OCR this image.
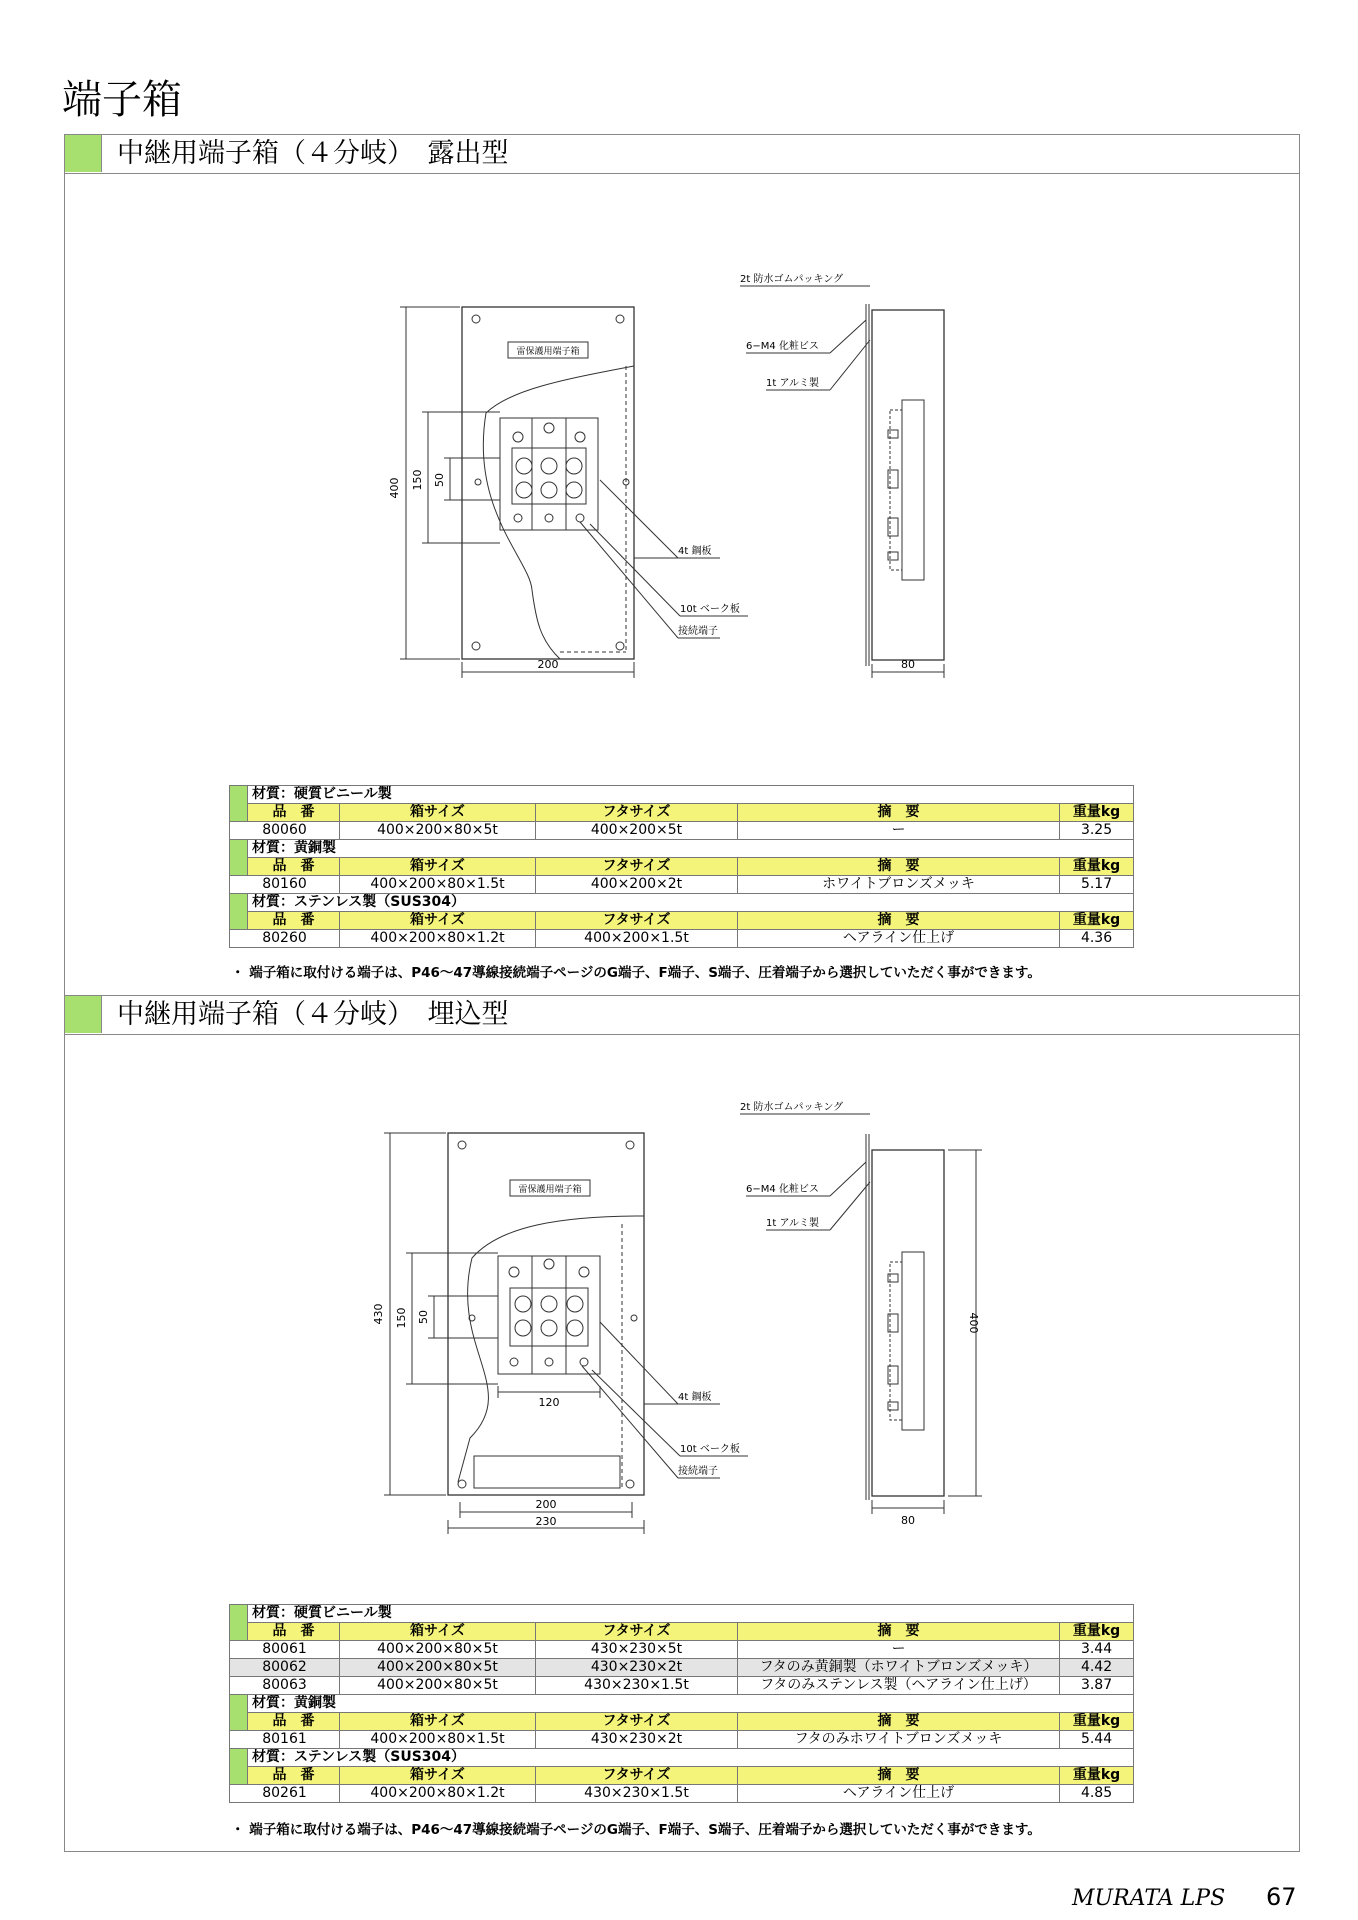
端子箱
中継用端子箱（４分岐）　露出型
雷保護用端子箱
400 150 50
200	80
2t 防水ゴムパッキング
6−M4 化粧ビス
1t アルミ製
4t 鋼板
10t ベーク板
接続端子
	材質：硬質ビニール製				
	品　番	箱サイズ	フタサイズ	摘　要	重量kg
80060		400×200×80×5t	400×200×5t	ー	3.25
	材質：黄銅製				
	品　番	箱サイズ	フタサイズ	摘　要	重量kg
80160		400×200×80×1.5t	400×200×2t	ホワイトブロンズメッキ	5.17
	材質：ステンレス製（SUS304）				
	品　番	箱サイズ	フタサイズ	摘　要	重量kg
80260		400×200×80×1.2t	400×200×1.5t	ヘアライン仕上げ	4.36
・ 端子箱に取付ける端子は、P46〜47導線接続端子ページのG端子、F端子、S端子、圧着端子から選択していただく事ができます。
中継用端子箱（４分岐）　埋込型
雷保護用端子箱
430 150 50
120
200
230
400
80
2t 防水ゴムパッキング
6−M4 化粧ビス
1t アルミ製
4t 鋼板
10t ベーク板
接続端子
	材質：硬質ビニール製				
	品　番	箱サイズ	フタサイズ	摘　要	重量kg
80061		400×200×80×5t	430×230×5t	ー	3.44
80062		400×200×80×5t	430×230×2t	フタのみ黄銅製（ホワイトブロンズメッキ）	4.42
80063		400×200×80×5t	430×230×1.5t	フタのみステンレス製（ヘアライン仕上げ）	3.87
	材質：黄銅製				
	品　番	箱サイズ	フタサイズ	摘　要	重量kg
80161		400×200×80×1.5t	430×230×2t	フタのみホワイトブロンズメッキ	5.44
	材質：ステンレス製（SUS304）				
	品　番	箱サイズ	フタサイズ	摘　要	重量kg
80261		400×200×80×1.2t	430×230×1.5t	ヘアライン仕上げ	4.85
・ 端子箱に取付ける端子は、P46〜47導線接続端子ページのG端子、F端子、S端子、圧着端子から選択していただく事ができます。
MURATA LPS 67
